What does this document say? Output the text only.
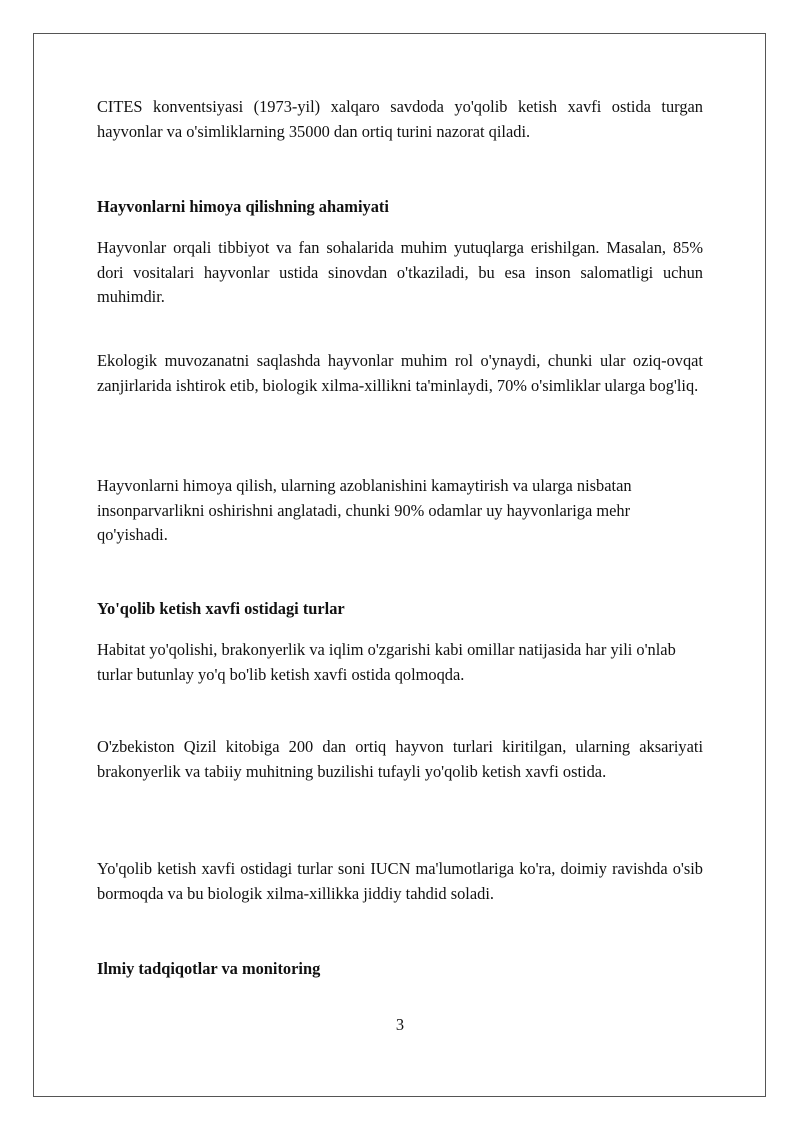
CITES konventsiyasi (1973-yil) xalqaro savdoda yo'qolib ketish xavfi ostida turgan hayvonlar va o'simliklarning 35000 dan ortiq turini nazorat qiladi.

Hayvonlarni himoya qilishning ahamiyati

Hayvonlar orqali tibbiyot va fan sohalarida muhim yutuqlarga erishilgan. Masalan, 85% dori vositalari hayvonlar ustida sinovdan o'tkaziladi, bu esa inson salomatligi uchun muhimdir.

Ekologik muvozanatni saqlashda hayvonlar muhim rol o'ynaydi, chunki ular oziq-ovqat zanjirlarida ishtirok etib, biologik xilma-xillikni ta'minlaydi, 70% o'simliklar ularga bog'liq.

Hayvonlarni himoya qilish, ularning azoblanishini kamaytirish va ularga nisbatan insonparvarlikni oshirishni anglatadi, chunki 90% odamlar uy hayvonlariga mehr qo'yishadi.

Yo'qolib ketish xavfi ostidagi turlar

Habitat yo'qolishi, brakonyerlik va iqlim o'zgarishi kabi omillar natijasida har yili o'nlab turlar butunlay yo'q bo'lib ketish xavfi ostida qolmoqda.

O'zbekiston Qizil kitobiga 200 dan ortiq hayvon turlari kiritilgan, ularning aksariyati brakonyerlik va tabiiy muhitning buzilishi tufayli yo'qolib ketish xavfi ostida.

Yo'qolib ketish xavfi ostidagi turlar soni IUCN ma'lumotlariga ko'ra, doimiy ravishda o'sib bormoqda va bu biologik xilma-xillikka jiddiy tahdid soladi.

Ilmiy tadqiqotlar va monitoring
3
